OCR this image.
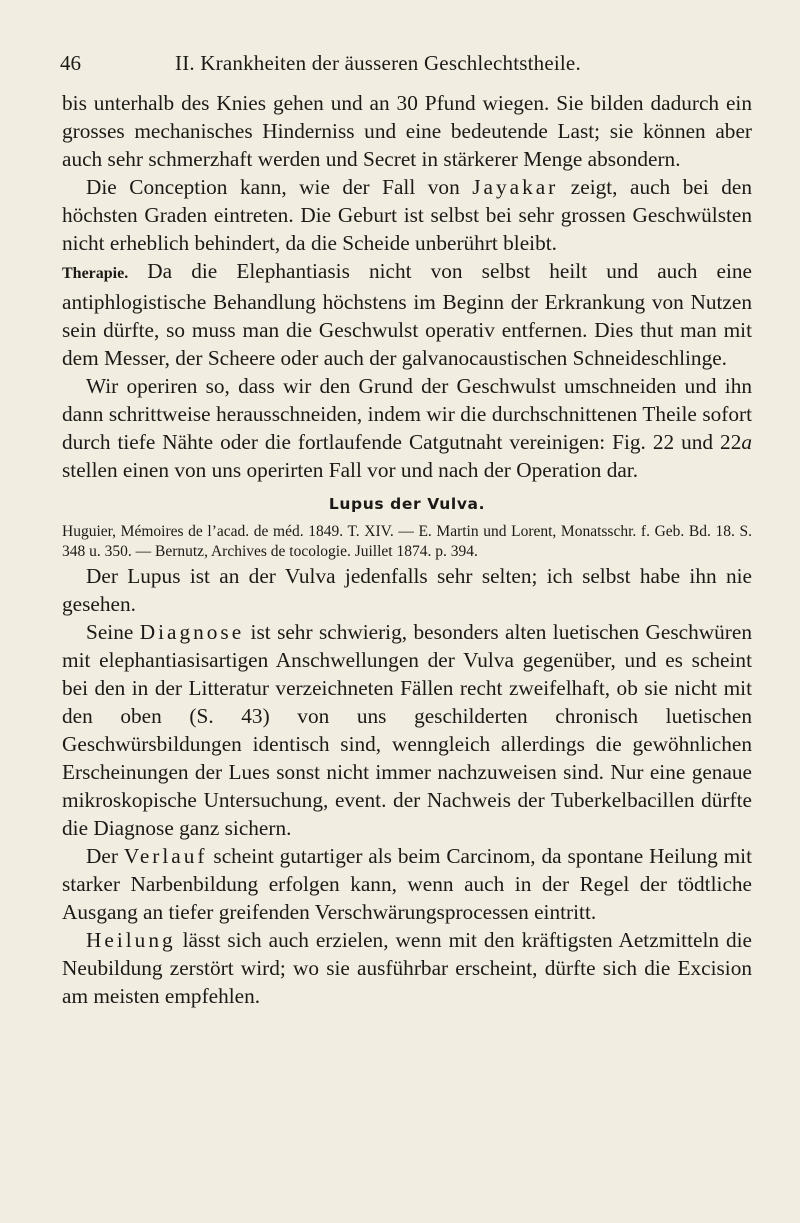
46	II. Krankheiten der äusseren Geschlechtstheile.

bis unterhalb des Knies gehen und an 30 Pfund wiegen. Sie bilden dadurch ein grosses mechanisches Hinderniss und eine bedeutende Last; sie können aber auch sehr schmerzhaft werden und Secret in stärkerer Menge absondern.

Die Conception kann, wie der Fall von Jayakar zeigt, auch bei den höchsten Graden eintreten. Die Geburt ist selbst bei sehr grossen Geschwülsten nicht erheblich behindert, da die Scheide unberührt bleibt.

Therapie. Da die Elephantiasis nicht von selbst heilt und auch eine antiphlogistische Behandlung höchstens im Beginn der Erkrankung von Nutzen sein dürfte, so muss man die Geschwulst operativ entfernen. Dies thut man mit dem Messer, der Scheere oder auch der galvanocaustischen Schneideschlinge.

Wir operiren so, dass wir den Grund der Geschwulst umschneiden und ihn dann schrittweise herausschneiden, indem wir die durchschnittenen Theile sofort durch tiefe Nähte oder die fortlaufende Catgutnaht vereinigen: Fig. 22 und 22a stellen einen von uns operirten Fall vor und nach der Operation dar.

Lupus der Vulva.

Huguier, Mémoires de l’acad. de méd. 1849. T. XIV. — E. Martin und Lorent, Monatsschr. f. Geb. Bd. 18. S. 348 u. 350. — Bernutz, Archives de tocologie. Juillet 1874. p. 394.

Der Lupus ist an der Vulva jedenfalls sehr selten; ich selbst habe ihn nie gesehen.

Seine Diagnose ist sehr schwierig, besonders alten luetischen Geschwüren mit elephantiasisartigen Anschwellungen der Vulva gegenüber, und es scheint bei den in der Litteratur verzeichneten Fällen recht zweifelhaft, ob sie nicht mit den oben (S. 43) von uns geschilderten chronisch luetischen Geschwürsbildungen identisch sind, wenngleich allerdings die gewöhnlichen Erscheinungen der Lues sonst nicht immer nachzuweisen sind. Nur eine genaue mikroskopische Untersuchung, event. der Nachweis der Tuberkelbacillen dürfte die Diagnose ganz sichern.

Der Verlauf scheint gutartiger als beim Carcinom, da spontane Heilung mit starker Narbenbildung erfolgen kann, wenn auch in der Regel der tödtliche Ausgang an tiefer greifenden Verschwärungsprocessen eintritt.

Heilung lässt sich auch erzielen, wenn mit den kräftigsten Aetzmitteln die Neubildung zerstört wird; wo sie ausführbar erscheint, dürfte sich die Excision am meisten empfehlen.
